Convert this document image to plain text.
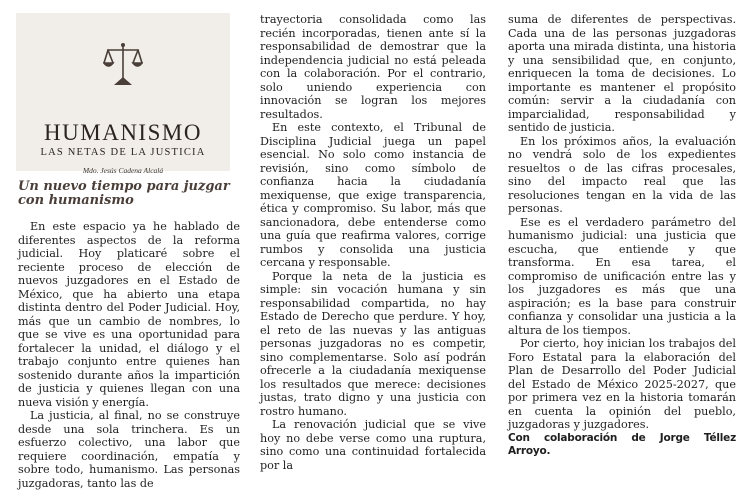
HUMANISMO
LAS NETAS DE LA JUSTICIA
Mdo. Jesús Cadena Alcalá
Un nuevo tiempo para juzgar con humanismo

En este espacio ya he hablado de diferentes aspectos de la reforma judicial. Hoy platicaré sobre el reciente proceso de elección de nuevos juzgadores en el Estado de México, que ha abierto una etapa distinta dentro del Poder Judicial. Hoy, más que un cambio de nombres, lo que se vive es una oportunidad para fortalecer la unidad, el diálogo y el trabajo conjunto entre quienes han sostenido durante años la impartición de justicia y quienes llegan con una nueva visión y energía.

La justicia, al final, no se construye desde una sola trinchera. Es un esfuerzo colectivo, una labor que requiere coordinación, empatía y sobre todo, humanismo. Las personas juzgadoras, tanto las de

trayectoria consolidada como las recién incorporadas, tienen ante sí la responsabilidad de demostrar que la independencia judicial no está peleada con la colaboración. Por el contrario, solo uniendo experiencia con innovación se logran los mejores resultados.

En este contexto, el Tribunal de Disciplina Judicial juega un papel esencial. No solo como instancia de revisión, sino como símbolo de confianza hacia la ciudadanía mexiquense, que exige transparencia, ética y compromiso. Su labor, más que sancionadora, debe entenderse como una guía que reafirma valores, corrige rumbos y consolida una justicia cercana y responsable.

Porque la neta de la justicia es simple: sin vocación humana y sin responsabilidad compartida, no hay Estado de Derecho que perdure. Y hoy, el reto de las nuevas y las antiguas personas juzgadoras no es competir, sino complementarse. Solo así podrán ofrecerle a la ciudadanía mexiquense los resultados que merece: decisiones justas, trato digno y una justicia con rostro humano.

La renovación judicial que se vive hoy no debe verse como una ruptura, sino como una continuidad fortalecida por la

suma de diferentes de perspectivas. Cada una de las personas juzgadoras aporta una mirada distinta, una historia y una sensibilidad que, en conjunto, enriquecen la toma de decisiones. Lo importante es mantener el propósito común: servir a la ciudadanía con imparcialidad, responsabilidad y sentido de justicia.

En los próximos años, la evaluación no vendrá solo de los expedientes resueltos o de las cifras procesales, sino del impacto real que las resoluciones tengan en la vida de las personas.

Ese es el verdadero parámetro del humanismo judicial: una justicia que escucha, que entiende y que transforma. En esa tarea, el compromiso de unificación entre las y los juzgadores es más que una aspiración; es la base para construir confianza y consolidar una justicia a la altura de los tiempos.

Por cierto, hoy inician los trabajos del Foro Estatal para la elaboración del Plan de Desarrollo del Poder Judicial del Estado de México 2025-2027, que por primera vez en la historia tomarán en cuenta la opinión del pueblo, juzgadoras y juzgadores.

Con colaboración de Jorge Téllez Arroyo.
